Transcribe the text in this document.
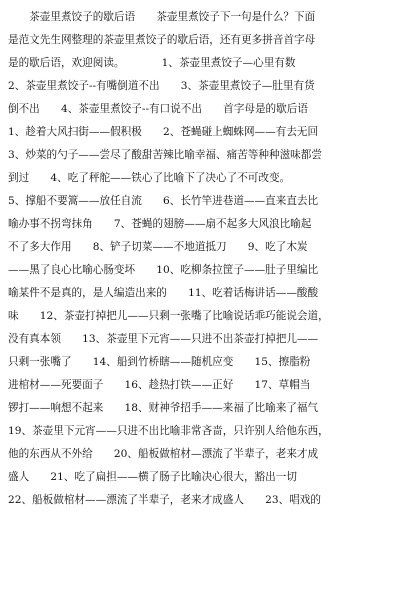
　　茶壶里煮饺子的歇后语　　茶壶里煮饺子下一句是什么？下面
是范文先生网整理的茶壶里煮饺子的歇后语，还有更多拼音首字母
是的歇后语，欢迎阅读。　　　　1、茶壶里煮饺子—心里有数
2、茶壶里煮饺子--有嘴倒道不出　　3、茶壶里煮饺子—肚里有货
倒不出　　4、茶壶里煮饺子--有口说不出　　首字母是的歇后语
1、趁着大风扫街——假积极　　2、苍蝇碰上蜘蛛网——有去无回
3、炒菜的勺子——尝尽了酸甜苦辣比喻幸福、痛苦等种种滋味都尝
到过　　4、吃了秤舵——铁心了比喻下了决心了不可改变。
5、撑船不要篙——放任自流　　6、长竹竿进巷道——直来直去比
喻办事不拐弯抹角　　7、苍蝇的翅膀——扇不起多大风浪比喻起
不了多大作用　　8、铲子切菜——不地道抵刀　　9、吃了木炭
——黑了良心比喻心肠变坏　　10、吃柳条拉筐子——肚子里编比
喻某件不是真的，是人编造出来的　　11、吃着话梅讲话——酸酸
味　　12、茶壶打掉把儿——只剩一张嘴了比喻说话乖巧能说会道，
没有真本领　　13、茶壶里下元宵——只进不出茶壶打掉把儿——
只剩一张嘴了　　14、船到竹桥瞎——随机应变　　15、擦脂粉
进棺材——死要面子　　16、趁热打铁——正好　　17、草帽当
锣打——响想不起来　　18、财神爷招手——来福了比喻来了福气
19、茶壶里下元宵——只进不出比喻非常吝啬，只许别人给他东西，
他的东西从不外给　　20、船板做棺材—漂流了半辈子，老来才成
盛人　　21、吃了扁担——横了肠子比喻决心很大，豁出一切
22、船板做棺材——漂流了半辈子，老来才成盛人　　23、唱戏的
